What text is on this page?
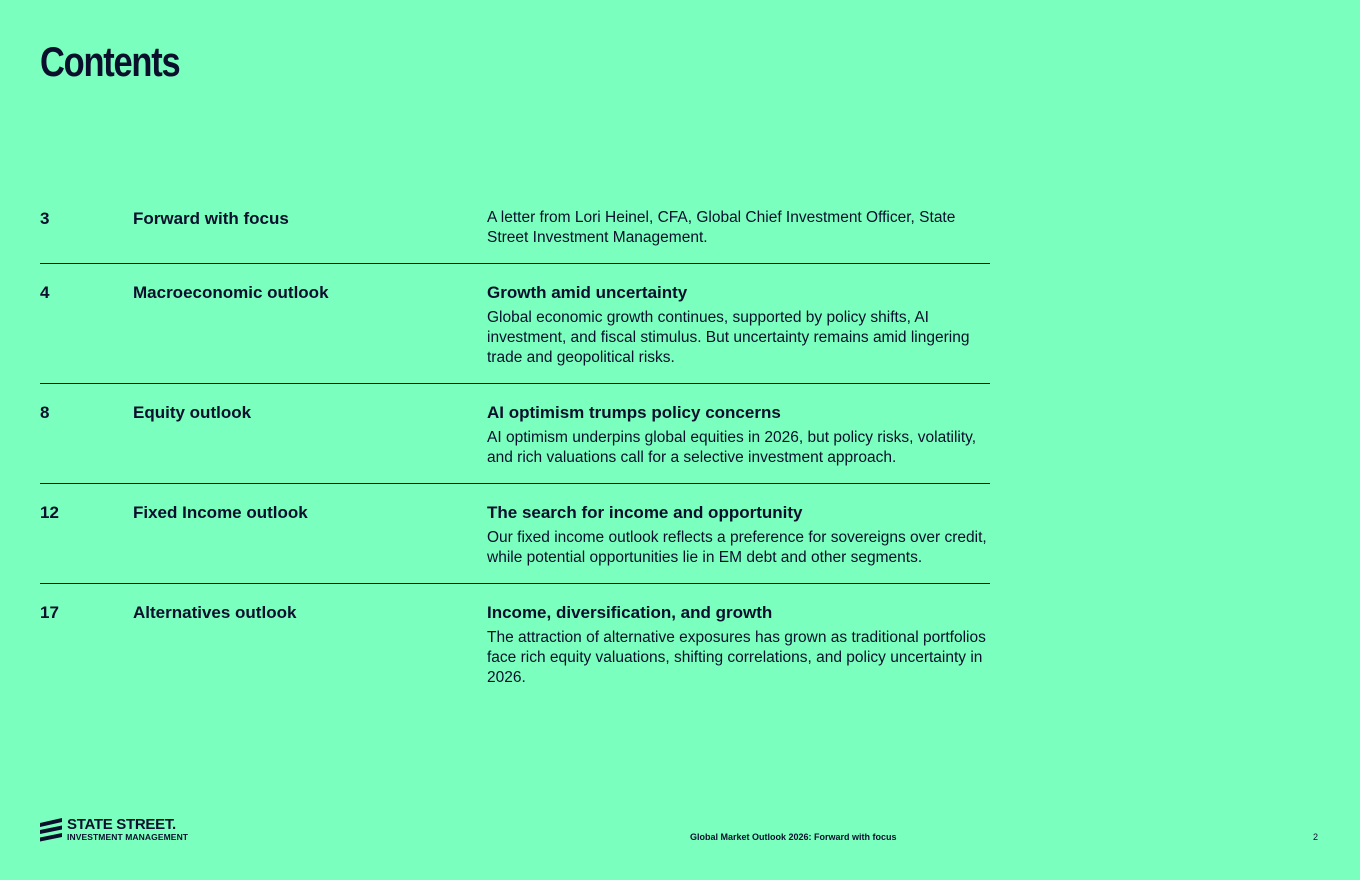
Contents
3	Forward with focus	A letter from Lori Heinel, CFA, Global Chief Investment Officer, State Street Investment Management.

4	Macroeconomic outlook	Growth amid uncertainty

Global economic growth continues, supported by policy shifts, AI investment, and fiscal stimulus. But uncertainty remains amid lingering trade and geopolitical risks.

8	Equity outlook	AI optimism trumps policy concerns

AI optimism underpins global equities in 2026, but policy risks, volatility, and rich valuations call for a selective investment approach.

12	Fixed Income outlook	The search for income and opportunity

Our fixed income outlook reflects a preference for sovereigns over credit, while potential opportunities lie in EM debt and other segments.

17	Alternatives outlook	Income, diversification, and growth

The attraction of alternative exposures has grown as traditional portfolios face rich equity valuations, shifting correlations, and policy uncertainty in 2026.

STATE STREET.
INVESTMENT MANAGEMENT	Global Market Outlook 2026: Forward with focus	2
